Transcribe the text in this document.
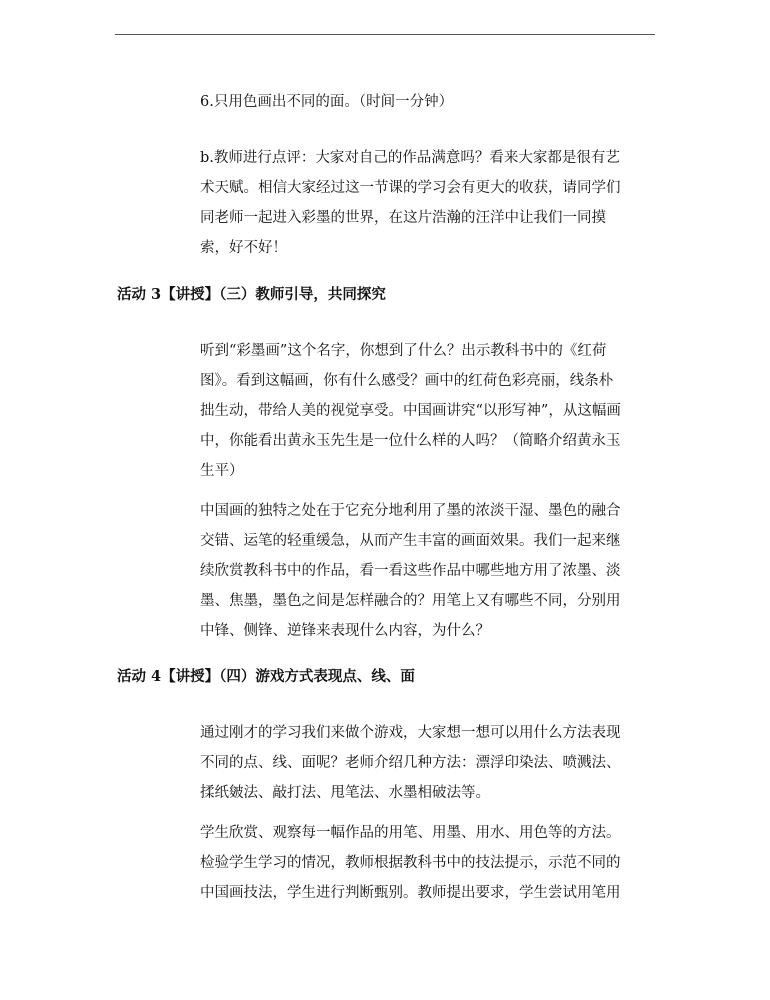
6.只用色画出不同的面。（时间一分钟）
b.教师进行点评：大家对自己的作品满意吗？看来大家都是很有艺
术天赋。相信大家经过这一节课的学习会有更大的收获，请同学们
同老师一起进入彩墨的世界，在这片浩瀚的汪洋中让我们一同摸
索，好不好！
活动 3【讲授】（三）教师引导，共同探究
听到“彩墨画”这个名字，你想到了什么？出示教科书中的《红荷
图》。看到这幅画，你有什么感受？画中的红荷色彩亮丽，线条朴
拙生动，带给人美的视觉享受。中国画讲究“以形写神”，从这幅画
中，你能看出黄永玉先生是一位什么样的人吗？（简略介绍黄永玉
生平）
中国画的独特之处在于它充分地利用了墨的浓淡干湿、墨色的融合
交错、运笔的轻重缓急，从而产生丰富的画面效果。我们一起来继
续欣赏教科书中的作品，看一看这些作品中哪些地方用了浓墨、淡
墨、焦墨，墨色之间是怎样融合的？用笔上又有哪些不同，分别用
中锋、侧锋、逆锋来表现什么内容，为什么？
活动 4【讲授】（四）游戏方式表现点、线、面
通过刚才的学习我们来做个游戏，大家想一想可以用什么方法表现
不同的点、线、面呢？老师介绍几种方法：漂浮印染法、喷溅法、
揉纸皴法、敲打法、甩笔法、水墨相破法等。
学生欣赏、观察每一幅作品的用笔、用墨、用水、用色等的方法。
检验学生学习的情况，教师根据教科书中的技法提示，示范不同的
中国画技法，学生进行判断甄别。教师提出要求，学生尝试用笔用
